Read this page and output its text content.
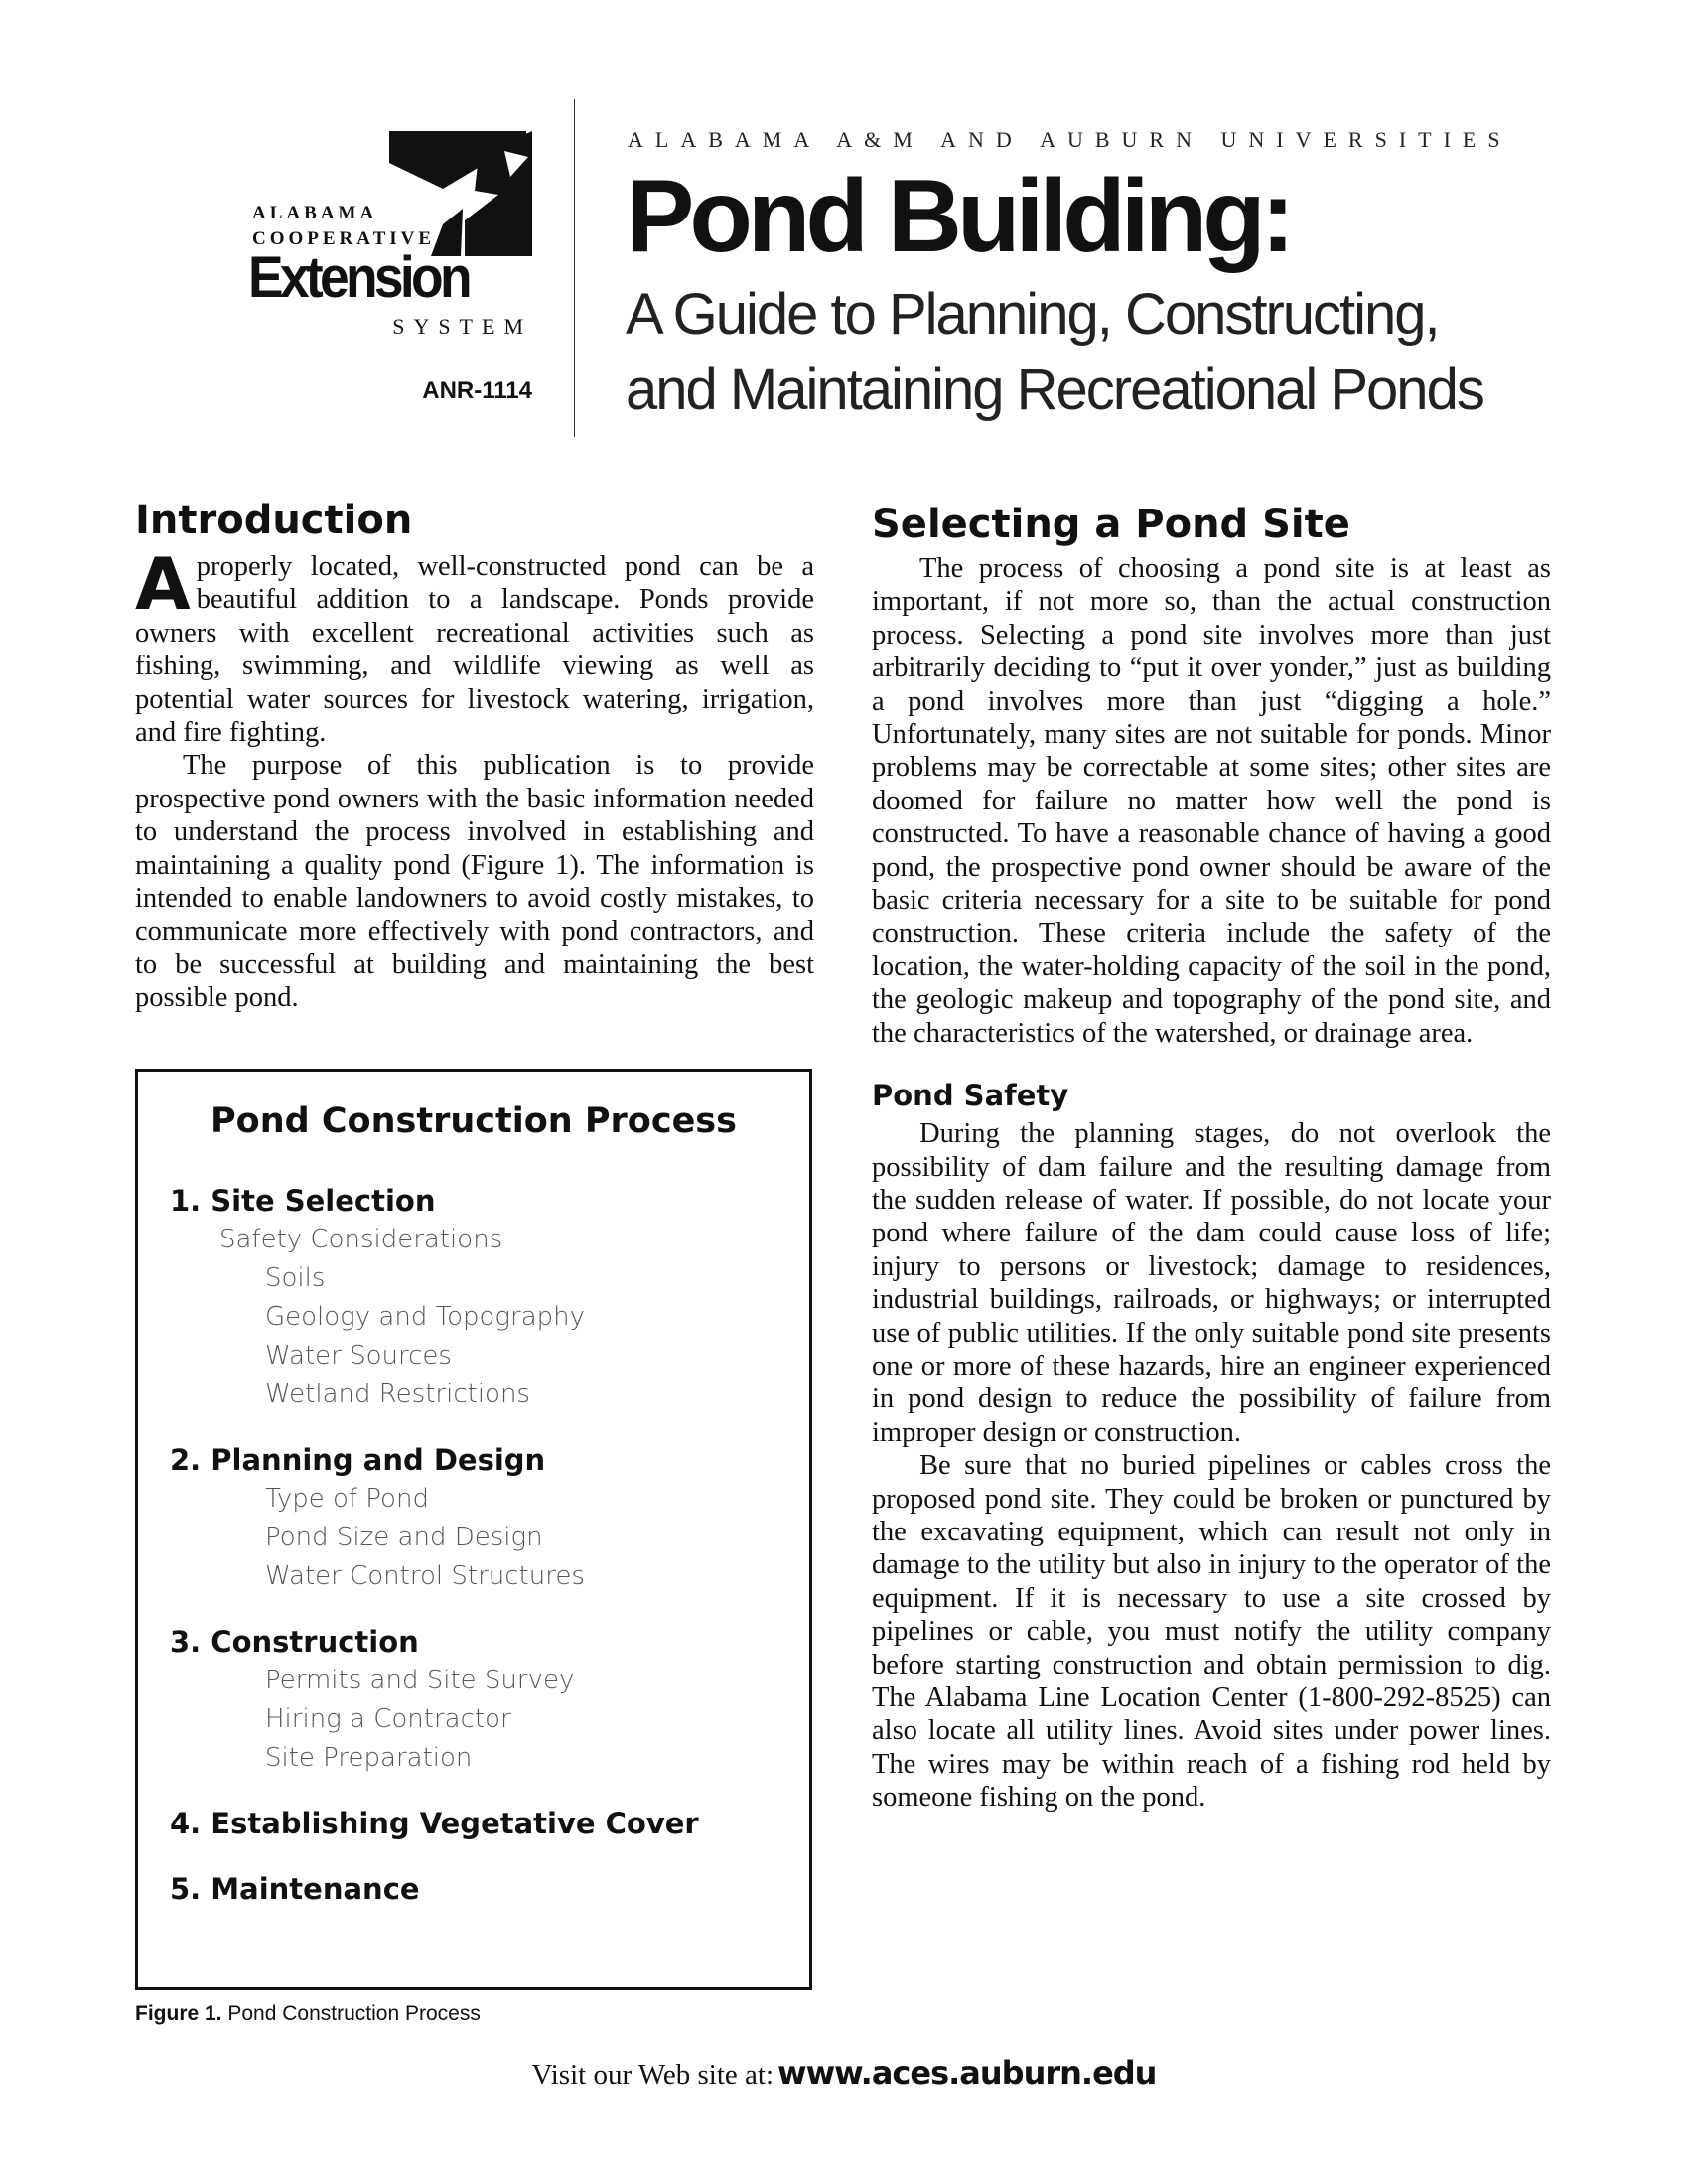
ALABAMA
COOPERATIVE
Extension
SYSTEM
ANR-1114
ALABAMA A&M AND AUBURN UNIVERSITIES
Pond Building:
A Guide to Planning, Constructing,
and Maintaining Recreational Ponds
Introduction

Aproperly located, well-constructed pond can be a beautiful addition to a landscape. Ponds provide owners with excellent recreational activities such as fishing, swimming, and wildlife viewing as well as potential water sources for livestock watering, irrigation, and fire fighting.

The purpose of this publication is to provide prospective pond owners with the basic information needed to understand the process involved in establishing and maintaining a quality pond (Figure 1). The information is intended to enable landowners to avoid costly mistakes, to communicate more effectively with pond contractors, and to be successful at building and maintaining the best possible pond.

Pond Construction Process
1. Site Selection
Safety Considerations
Soils
Geology and Topography
Water Sources
Wetland Restrictions
2. Planning and Design
Type of Pond
Pond Size and Design
Water Control Structures
3. Construction
Permits and Site Survey
Hiring a Contractor
Site Preparation
4. Establishing Vegetative Cover
5. Maintenance
Figure 1. Pond Construction Process
Selecting a Pond Site

The process of choosing a pond site is at least as important, if not more so, than the actual construction process. Selecting a pond site involves more than just arbitrarily deciding to “put it over yonder,” just as building a pond involves more than just “digging a hole.” Unfortunately, many sites are not suitable for ponds. Minor problems may be correctable at some sites; other sites are doomed for failure no matter how well the pond is constructed. To have a reasonable chance of having a good pond, the prospective pond owner should be aware of the basic criteria necessary for a site to be suitable for pond construction. These criteria include the safety of the location, the water-holding capacity of the soil in the pond, the geologic makeup and topography of the pond site, and the characteristics of the watershed, or drainage area.

Pond Safety

During the planning stages, do not overlook the possibility of dam failure and the resulting damage from the sudden release of water. If possible, do not locate your pond where failure of the dam could cause loss of life; injury to persons or livestock; damage to residences, industrial buildings, railroads, or highways; or interrupted use of public utilities. If the only suitable pond site presents one or more of these hazards, hire an engineer experienced in pond design to reduce the possibility of failure from improper design or construction.

Be sure that no buried pipelines or cables cross the proposed pond site. They could be broken or punctured by the excavating equipment, which can result not only in damage to the utility but also in injury to the operator of the equipment. If it is necessary to use a site crossed by pipelines or cable, you must notify the utility company before starting construction and obtain permission to dig. The Alabama Line Location Center (1-800-292-8525) can also locate all utility lines. Avoid sites under power lines. The wires may be within reach of a fishing rod held by someone fishing on the pond.

Visit our Web site at: www.aces.auburn.edu
